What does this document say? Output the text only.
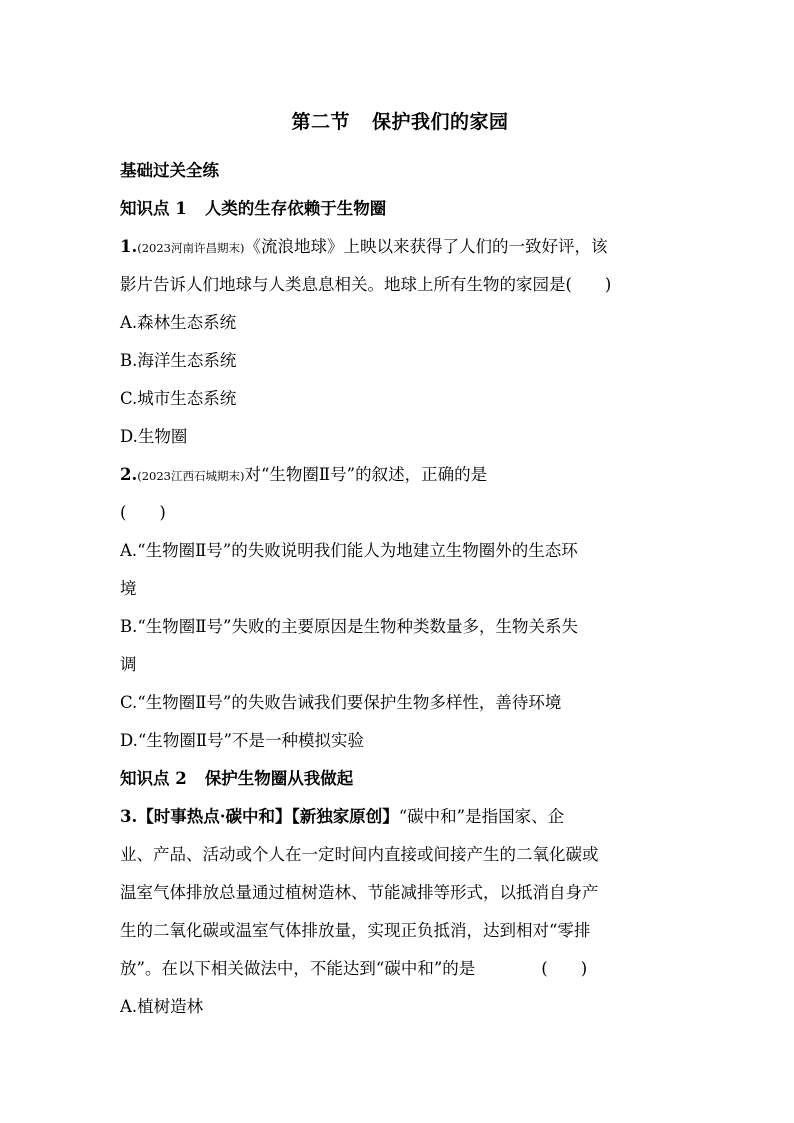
第二节 保护我们的家园
基础过关全练
知识点 1 人类的生存依赖于生物圈
1.(2023河南许昌期末)《流浪地球》上映以来获得了人们的一致好评，该
影片告诉人们地球与人类息息相关。地球上所有生物的家园是(　　)
A.森林生态系统
B.海洋生态系统
C.城市生态系统
D.生物圈
2.(2023江西石城期末)对“生物圈Ⅱ号”的叙述，正确的是
(　　)
A.“生物圈Ⅱ号”的失败说明我们能人为地建立生物圈外的生态环
境
B.“生物圈Ⅱ号”失败的主要原因是生物种类数量多，生物关系失
调
C.“生物圈Ⅱ号”的失败告诫我们要保护生物多样性，善待环境
D.“生物圈Ⅱ号”不是一种模拟实验
知识点 2 保护生物圈从我做起
3.【时事热点·碳中和】【新独家原创】“碳中和”是指国家、企
业、产品、活动或个人在一定时间内直接或间接产生的二氧化碳或
温室气体排放总量通过植树造林、节能减排等形式，以抵消自身产
生的二氧化碳或温室气体排放量，实现正负抵消，达到相对“零排
放”。在以下相关做法中，不能达到“碳中和”的是　　　　(　　)
A.植树造林
